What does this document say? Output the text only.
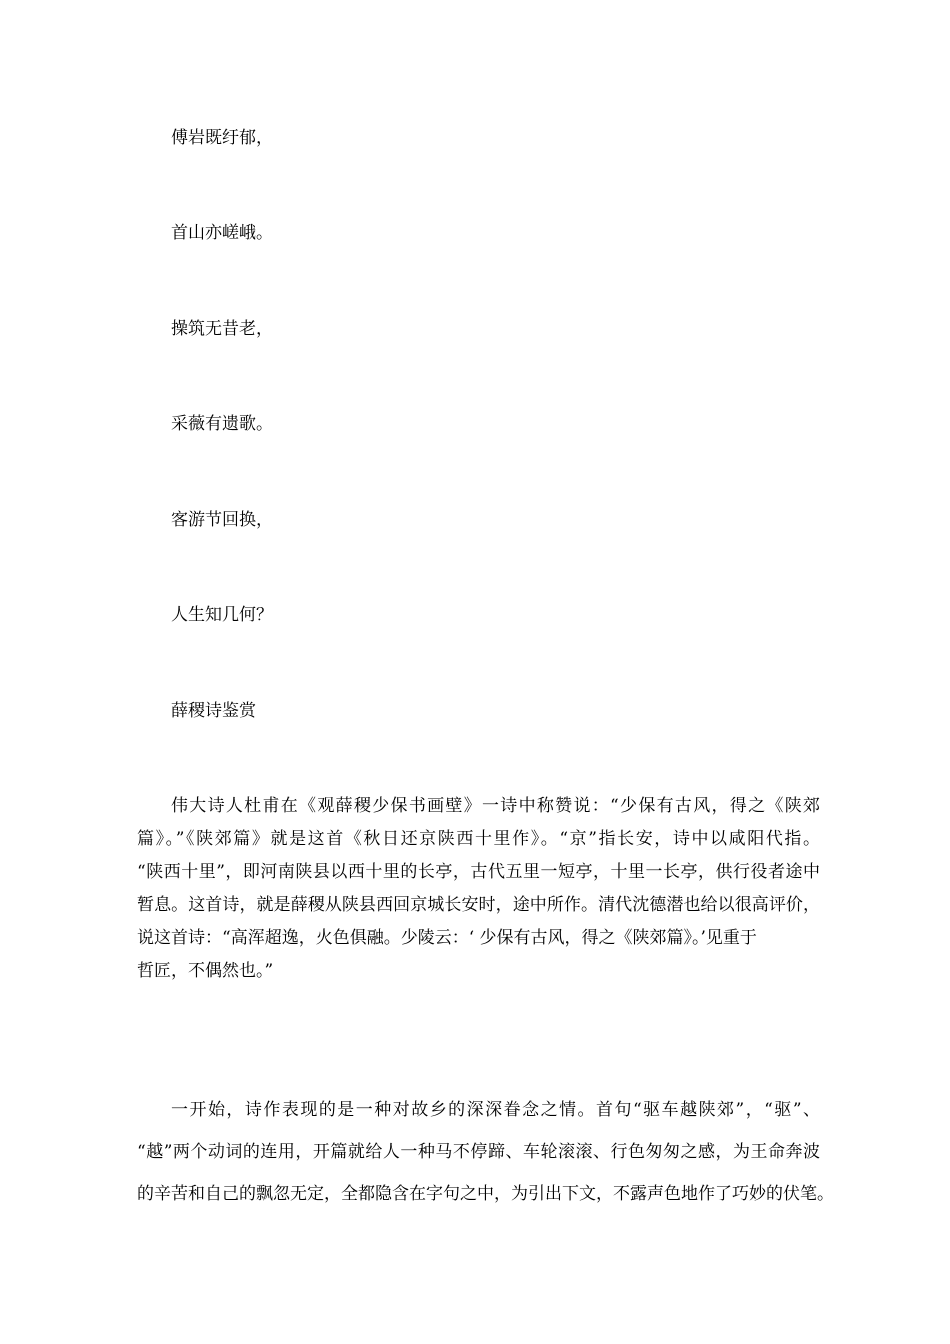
傅岩既纡郁，

首山亦嵯峨。

操筑无昔老，

采薇有遗歌。

客游节回换，

人生知几何？

薛稷诗鉴赏

伟大诗人杜甫在《观薛稷少保书画壁》一诗中称赞说：“少保有古风，得之《陕郊

篇》。”《陕郊篇》就是这首《秋日还京陕西十里作》。“京”指长安，诗中以咸阳代指。

“陕西十里”，即河南陕县以西十里的长亭，古代五里一短亭，十里一长亭，供行役者途中

暂息。这首诗，就是薛稷从陕县西回京城长安时，途中所作。清代沈德潜也给以很高评价，

说这首诗：“高浑超逸，火色俱融。少陵云：‘ 少保有古风，得之《陕郊篇》。’见重于

哲匠，不偶然也。”

一开始，诗作表现的是一种对故乡的深深眷念之情。首句“驱车越陕郊”，“驱”、

“越”两个动词的连用，开篇就给人一种马不停蹄、车轮滚滚、行色匆匆之感，为王命奔波

的辛苦和自己的飘忽无定，全都隐含在字句之中，为引出下文，不露声色地作了巧妙的伏笔。
